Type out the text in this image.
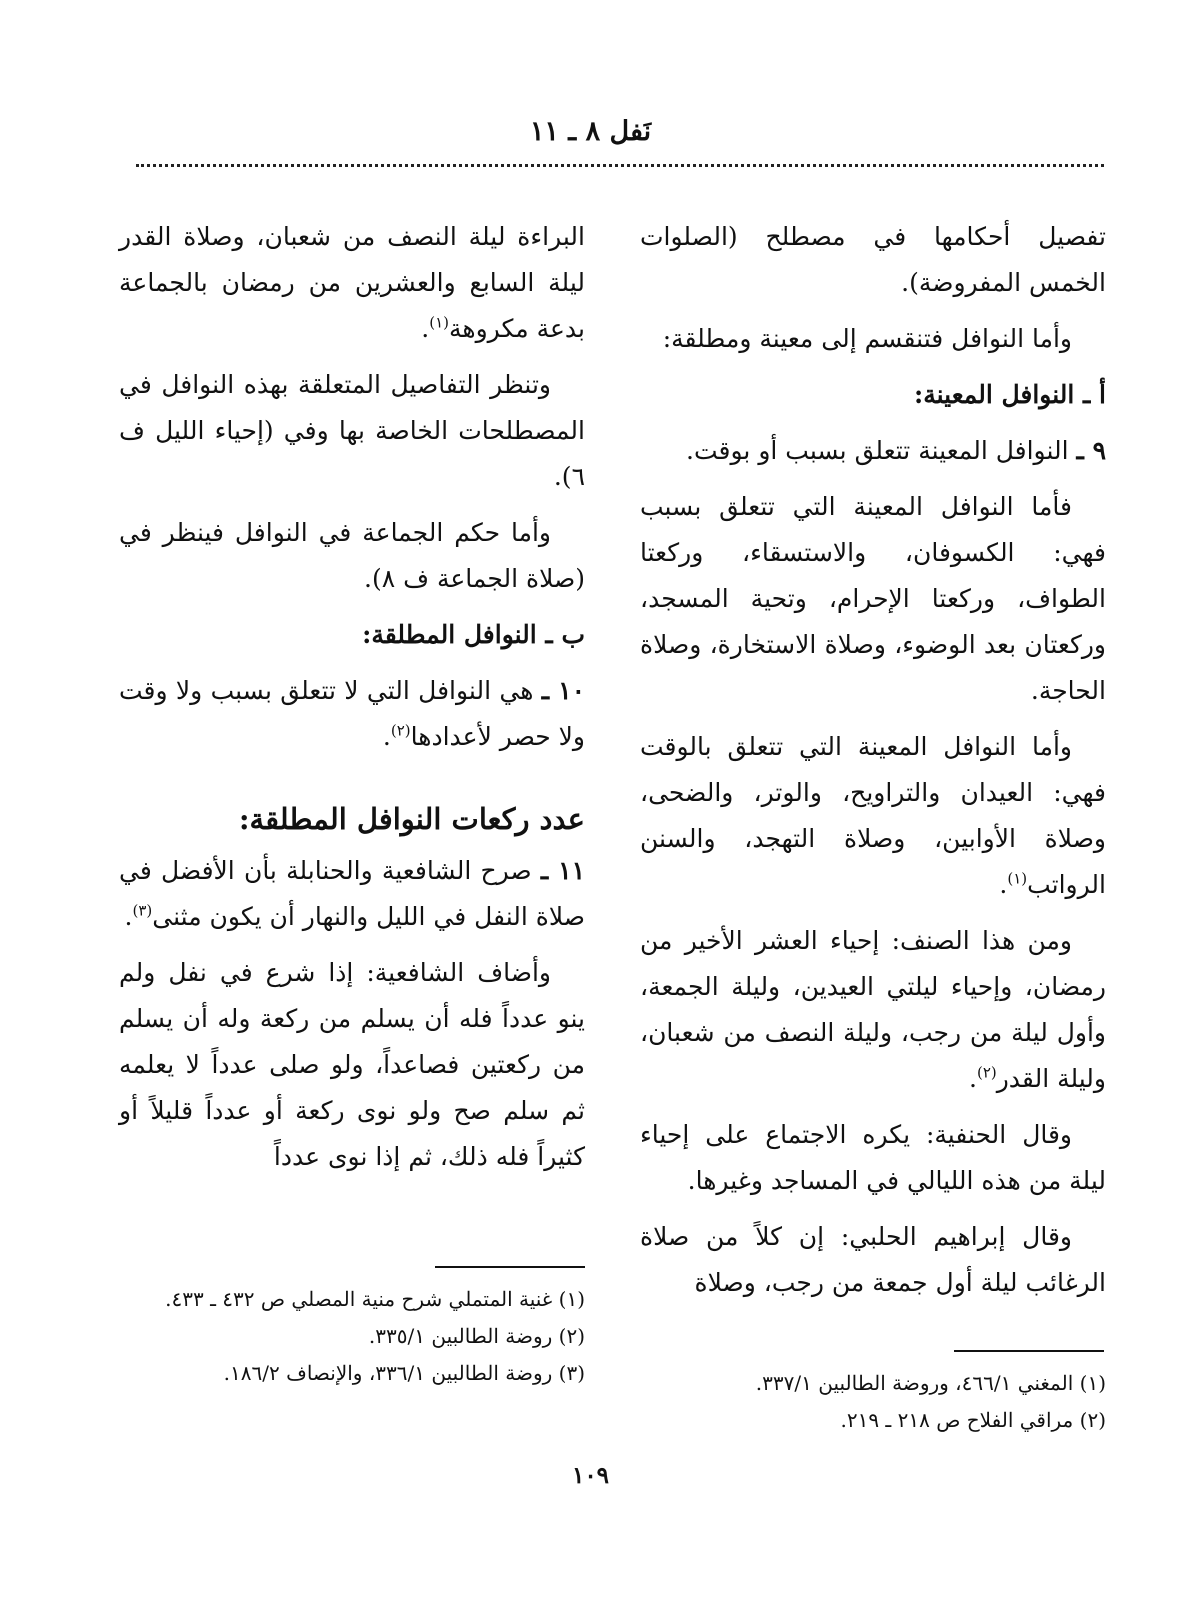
نَفل ٨ ـ ١١

تفصيل أحكامها في مصطلح (الصلوات الخمس المفروضة).

وأما النوافل فتنقسم إلى معينة ومطلقة:

أ ـ النوافل المعينة:

٩ ـ النوافل المعينة تتعلق بسبب أو بوقت.

فأما النوافل المعينة التي تتعلق بسبب فهي: الكسوفان، والاستسقاء، وركعتا الطواف، وركعتا الإحرام، وتحية المسجد، وركعتان بعد الوضوء، وصلاة الاستخارة، وصلاة الحاجة.

وأما النوافل المعينة التي تتعلق بالوقت فهي: العيدان والتراويح، والوتر، والضحى، وصلاة الأوابين، وصلاة التهجد، والسنن الرواتب$^{(١)}$.

ومن هذا الصنف: إحياء العشر الأخير من رمضان، وإحياء ليلتي العيدين، وليلة الجمعة، وأول ليلة من رجب، وليلة النصف من شعبان، وليلة القدر$^{(٢)}$.

وقال الحنفية: يكره الاجتماع على إحياء ليلة من هذه الليالي في المساجد وغيرها.

وقال إبراهيم الحلبي: إن كلاً من صلاة الرغائب ليلة أول جمعة من رجب، وصلاة

البراءة ليلة النصف من شعبان، وصلاة القدر ليلة السابع والعشرين من رمضان بالجماعة بدعة مكروهة$^{(١)}$.

وتنظر التفاصيل المتعلقة بهذه النوافل في المصطلحات الخاصة بها وفي (إحياء الليل ف ٦).

وأما حكم الجماعة في النوافل فينظر في (صلاة الجماعة ف ٨).

ب ـ النوافل المطلقة:

١٠ ـ هي النوافل التي لا تتعلق بسبب ولا وقت ولا حصر لأعدادها$^{(٢)}$.

عدد ركعات النوافل المطلقة:

١١ ـ صرح الشافعية والحنابلة بأن الأفضل في صلاة النفل في الليل والنهار أن يكون مثنى$^{(٣)}$.

وأضاف الشافعية: إذا شرع في نفل ولم ينو عدداً فله أن يسلم من ركعة وله أن يسلم من ركعتين فصاعداً، ولو صلى عدداً لا يعلمه ثم سلم صح ولو نوى ركعة أو عدداً قليلاً أو كثيراً فله ذلك، ثم إذا نوى عدداً

(١) المغني ٤٦٦/١، وروضة الطالبين ٣٣٧/١.
(٢) مراقي الفلاح ص ٢١٨ ـ ٢١٩.
(١) غنية المتملي شرح منية المصلي ص ٤٣٢ ـ ٤٣٣.
(٢) روضة الطالبين ٣٣٥/١.
(٣) روضة الطالبين ٣٣٦/١، والإنصاف ١٨٦/٢.
١٠٩
